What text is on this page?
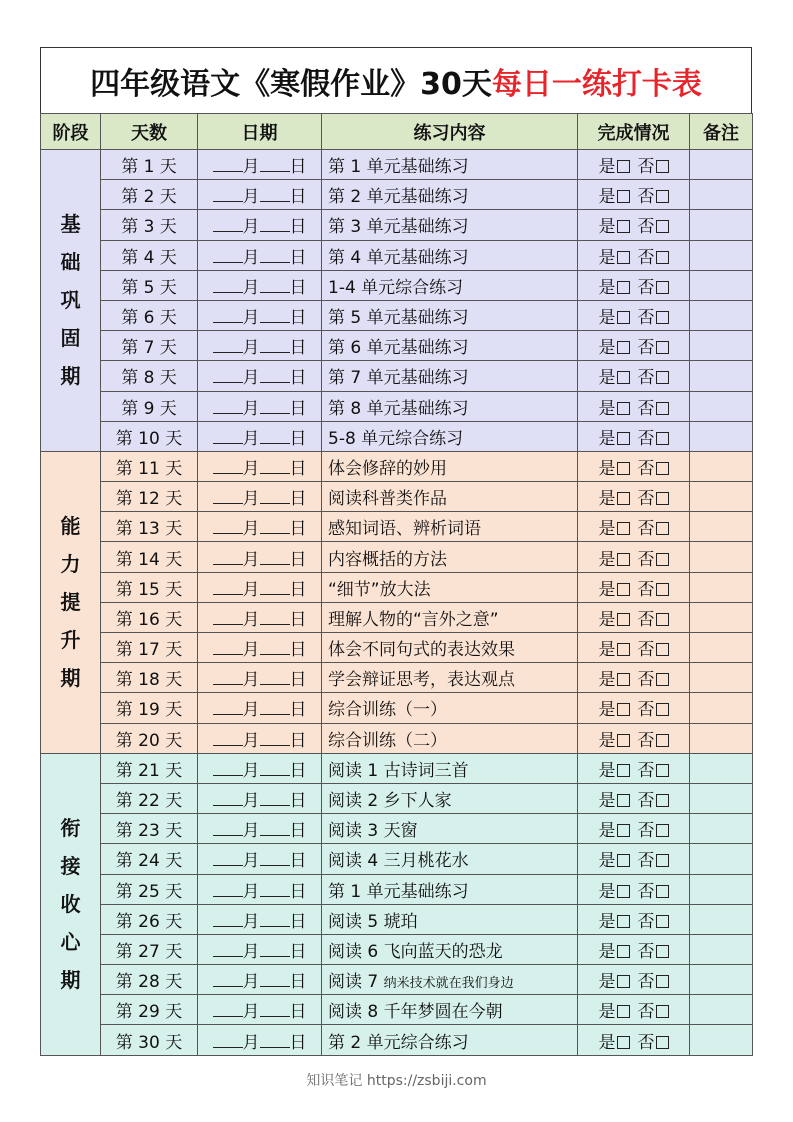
四年级语文《寒假作业》30天 每日一练打卡表
阶段	天数	日期	练习内容	完成情况	备注

基
础
巩
固
期	第 1 天	月 日	第 1 单元基础练习	是 否	
	第 2 天	月 日	第 2 单元基础练习	是 否	
	第 3 天	月 日	第 3 单元基础练习	是 否	
	第 4 天	月 日	第 4 单元基础练习	是 否	
	第 5 天	月 日	1-4 单元综合练习	是 否	
	第 6 天	月 日	第 5 单元基础练习	是 否	
	第 7 天	月 日	第 6 单元基础练习	是 否	
	第 8 天	月 日	第 7 单元基础练习	是 否	
	第 9 天	月 日	第 8 单元基础练习	是 否	
	第 10 天	月 日	5-8 单元综合练习	是 否	

能
力
提
升
期	第 11 天	月 日	体会修辞的妙用	是 否	
	第 12 天	月 日	阅读科普类作品	是 否	
	第 13 天	月 日	感知词语、辨析词语	是 否	
	第 14 天	月 日	内容概括的方法	是 否	
	第 15 天	月 日	“细节”放大法	是 否	
	第 16 天	月 日	理解人物的“言外之意”	是 否	
	第 17 天	月 日	体会不同句式的表达效果	是 否	
	第 18 天	月 日	学会辩证思考，表达观点	是 否	
	第 19 天	月 日	综合训练（一）	是 否	
	第 20 天	月 日	综合训练（二）	是 否	

衔
接
收
心
期	第 21 天	月 日	阅读 1 古诗词三首	是 否	
	第 22 天	月 日	阅读 2 乡下人家	是 否	
	第 23 天	月 日	阅读 3 天窗	是 否	
	第 24 天	月 日	阅读 4 三月桃花水	是 否	
	第 25 天	月 日	第 1 单元基础练习	是 否	
	第 26 天	月 日	阅读 5 琥珀	是 否	
	第 27 天	月 日	阅读 6 飞向蓝天的恐龙	是 否	
	第 28 天	月 日	阅读 7 纳米技术就在我们身边	是 否	
	第 29 天	月 日	阅读 8 千年梦圆在今朝	是 否	
	第 30 天	月 日	第 2 单元综合练习	是 否	
知识笔记 https://zsbiji.com
